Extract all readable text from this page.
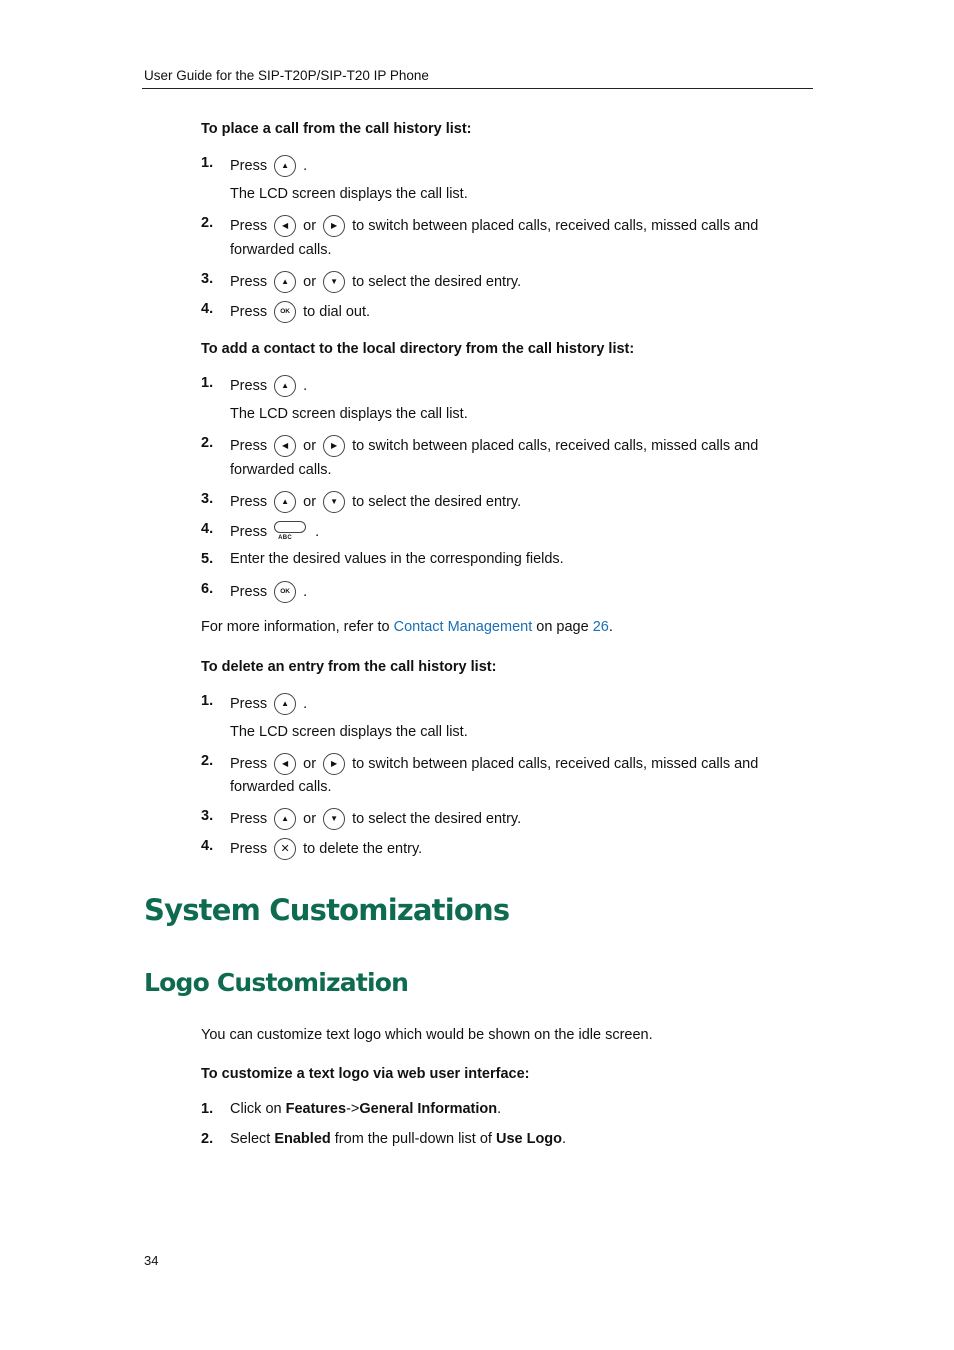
User Guide for the SIP-T20P/SIP-T20 IP Phone
To place a call from the call history list:
1. Press	▲ .
The LCD screen displays the call list.
2. Press	◀	or	▶	to switch between placed calls, received calls, missed calls and
forwarded calls.
3. Press	▲ or	▼ to select the desired entry.
4. Press	OK to dial out.
To add a contact to the local directory from the call history list:
1. Press	▲ .
The LCD screen displays the call list.
2. Press	◀	or	▶	to switch between placed calls, received calls, missed calls and
forwarded calls.
3. Press	▲ or	▼ to select the desired entry.
4. Press ABC .
5. Enter the desired values in the corresponding fields.
6. Press	OK .
For more information, refer to Contact Management on page 26.
To delete an entry from the call history list:
1. Press	▲ .
The LCD screen displays the call list.
2. Press	◀	or	▶	to switch between placed calls, received calls, missed calls and
forwarded calls.
3. Press	▲ or	▼ to select the desired entry.
4. Press	✕ to delete the entry.
System Customizations
Logo Customization
You can customize text logo which would be shown on the idle screen.
To customize a text logo via web user interface:
1. Click on Features->General Information.
2. Select Enabled from the pull-down list of Use Logo.
34
